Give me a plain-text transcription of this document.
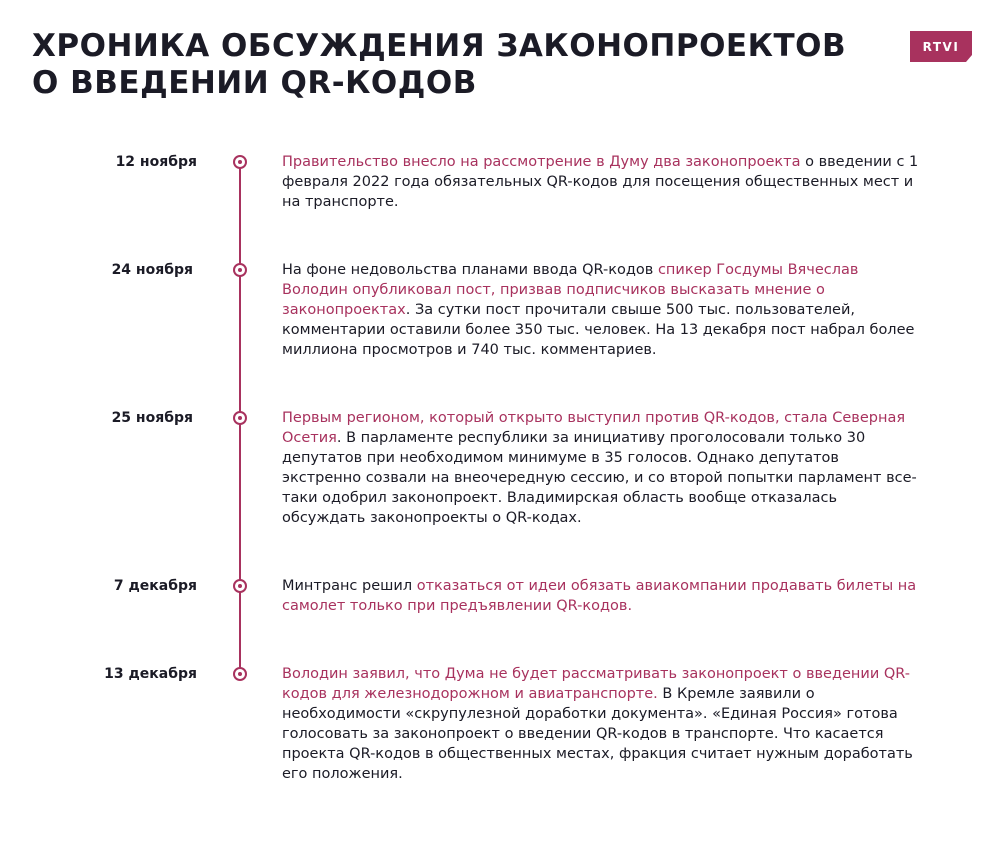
ХРОНИКА ОБСУЖДЕНИЯ ЗАКОНОПРОЕКТОВ
О ВВЕДЕНИИ QR-КОДОВ
RTVI
12 ноября	Правительство внесло на рассмотрение в Думу два законопроекта о введении с 1 февраля 2022 года обязательных QR-кодов для посещения общественных мест и на транспорте.

24 ноября	На фоне недовольства планами ввода QR-кодов спикер Госдумы Вячеслав Володин опубликовал пост, призвав подписчиков высказать мнение о законопроектах. За сутки пост прочитали свыше 500 тыс. пользователей, комментарии оставили более 350 тыс. человек. На 13 декабря пост набрал более миллиона просмотров и 740 тыс. комментариев.

25 ноября	Первым регионом, который открыто выступил против QR-кодов, стала Северная Осетия. В парламенте республики за инициативу проголосовали только 30 депутатов при необходимом минимуме в 35 голосов. Однако депутатов экстренно созвали на внеочередную сессию, и со второй попытки парламент все-таки одобрил законопроект. Владимирская область вообще отказалась обсуждать законопроекты о QR-кодах.

7 декабря	Минтранс решил отказаться от идеи обязать авиакомпании продавать билеты на самолет только при предъявлении QR-кодов.

13 декабря	Володин заявил, что Дума не будет рассматривать законопроект о введении QR-кодов для железнодорожном и авиатранспорте. В Кремле заявили о необходимости «скрупулезной доработки документа». «Единая Россия» готова голосовать за законопроект о введении QR-кодов в транспорте. Что касается проекта QR-кодов в общественных местах, фракция считает нужным доработать его положения.
